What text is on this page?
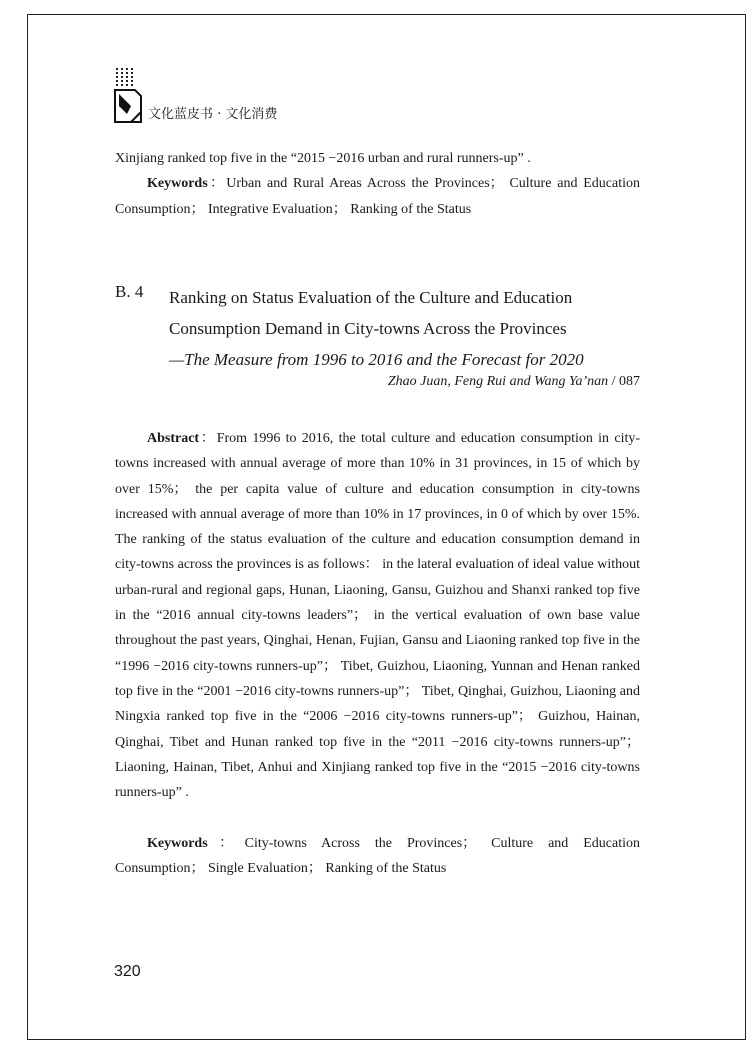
文化蓝皮书 · 文化消费
Xinjiang ranked top five in the “2015 −2016 urban and rural runners-up” .
Keywords：Urban and Rural Areas Across the Provinces； Culture and Education Consumption； Integrative Evaluation； Ranking of the Status
B. 4 Ranking on Status Evaluation of the Culture and Education
Consumption Demand in City-towns Across the Provinces
—The Measure from 1996 to 2016 and the Forecast for 2020
Zhao Juan, Feng Rui and Wang Ya’nan / 087
Abstract：From 1996 to 2016, the total culture and education consumption in city-towns increased with annual average of more than 10% in 31 provinces, in 15 of which by over 15%； the per capita value of culture and education consumption in city-towns increased with annual average of more than 10% in 17 provinces, in 0 of which by over 15%. The ranking of the status evaluation of the culture and education consumption demand in city-towns across the provinces is as follows： in the lateral evaluation of ideal value without urban-rural and regional gaps, Hunan, Liaoning, Gansu, Guizhou and Shanxi ranked top five in the “2016 annual city-towns leaders”； in the vertical evaluation of own base value throughout the past years, Qinghai, Henan, Fujian, Gansu and Liaoning ranked top five in the “1996 −2016 city-towns runners-up”； Tibet, Guizhou, Liaoning, Yunnan and Henan ranked top five in the “2001 −2016 city-towns runners-up”； Tibet, Qinghai, Guizhou, Liaoning and Ningxia ranked top five in the “2006 −2016 city-towns runners-up”； Guizhou, Hainan, Qinghai, Tibet and Hunan ranked top five in the “2011 −2016 city-towns runners-up”； Liaoning, Hainan, Tibet, Anhui and Xinjiang ranked top five in the “2015 −2016 city-towns runners-up” .
Keywords：City-towns Across the Provinces； Culture and Education Consumption； Single Evaluation； Ranking of the Status
320
